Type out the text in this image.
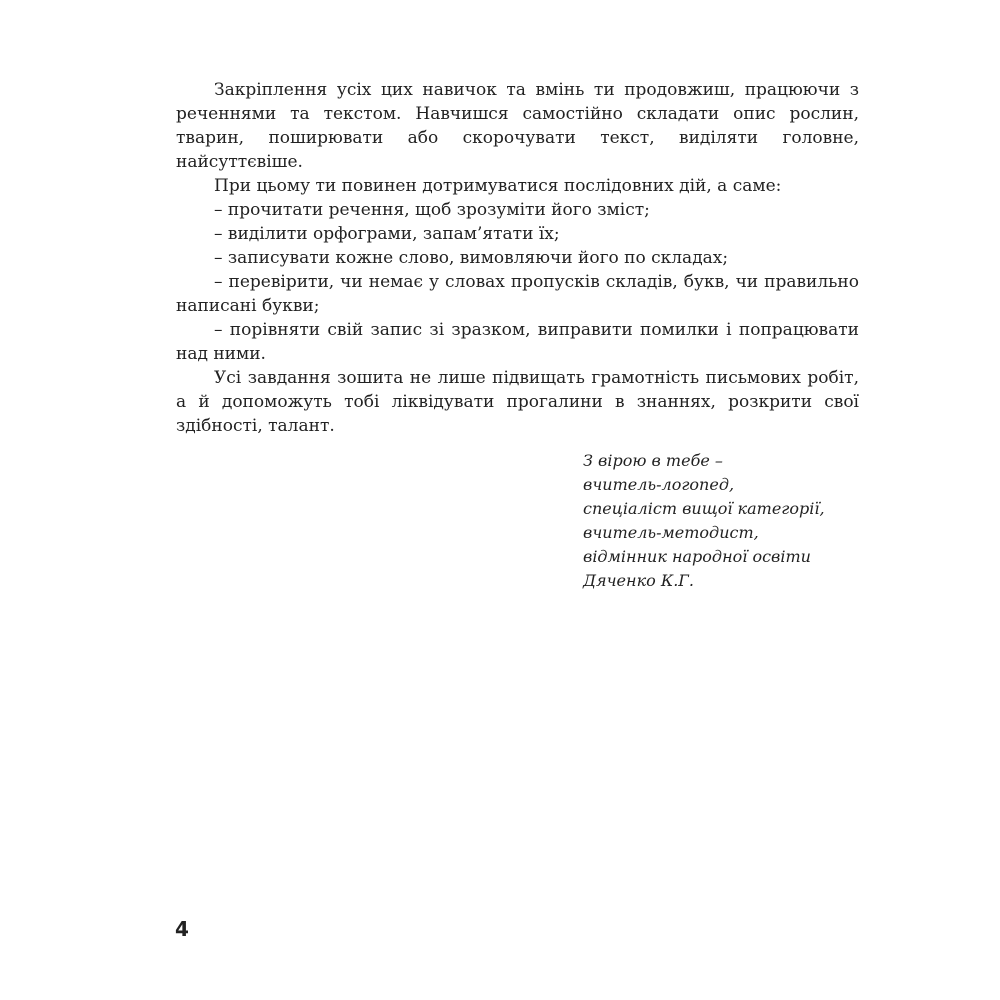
Закріплення усіх цих навичок та вмінь ти продовжиш, працюючи з реченнями та текстом. Навчишся самостійно складати опис рослин, тварин, поширювати або скорочувати текст, виділяти головне, найсуттєвіше.

При цьому ти повинен дотримуватися послідовних дій, а саме:

– прочитати речення, щоб зрозуміти його зміст;

– виділити орфограми, запам’ятати їх;

– записувати кожне слово, вимовляючи його по складах;

– перевірити, чи немає у словах пропусків складів, букв, чи правильно написані букви;

– порівняти свій запис зі зразком, виправити помилки і попрацювати над ними.

Усі завдання зошита не лише підвищать грамотність письмових робіт, а й допоможуть тобі ліквідувати прогалини в знаннях, розкрити свої здібності, талант.

З вірою в тебе –
вчитель-логопед,
спеціаліст вищої категорії,
вчитель-методист,
відмінник народної освіти
Дяченко К.Г.
4
